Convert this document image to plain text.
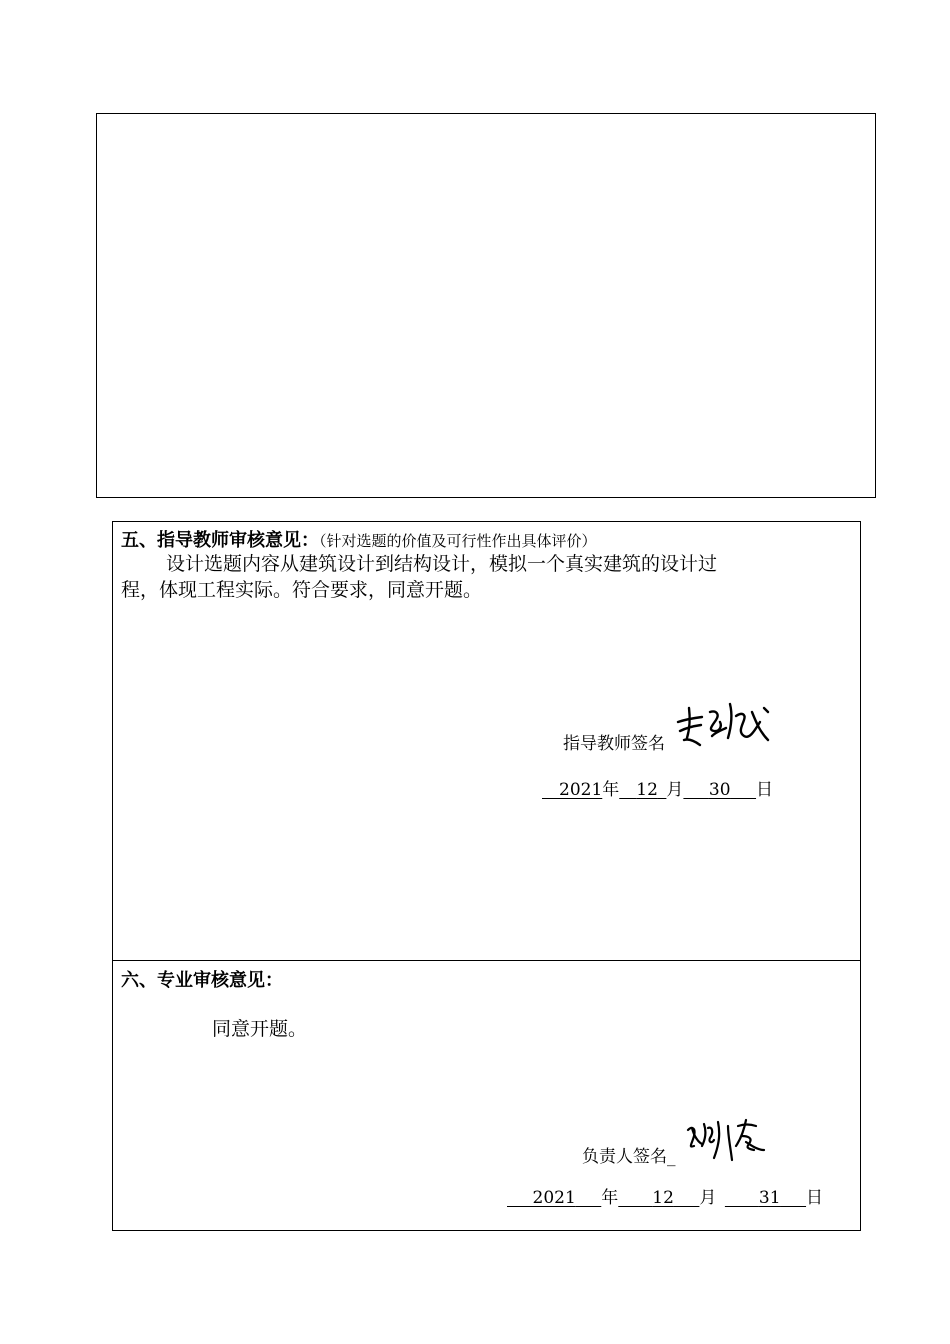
五、指导教师审核意见：（针对选题的价值及可行性作出具体评价）
设计选题内容从建筑设计到结构设计，模拟一个真实建筑的设计过
程，体现工程实际。符合要求，同意开题。
指导教师签名
  2021年   12  月    30    日
六、专业审核意见：
同意开题。
负责人签名_
   2021    年     12    月     	31    日
